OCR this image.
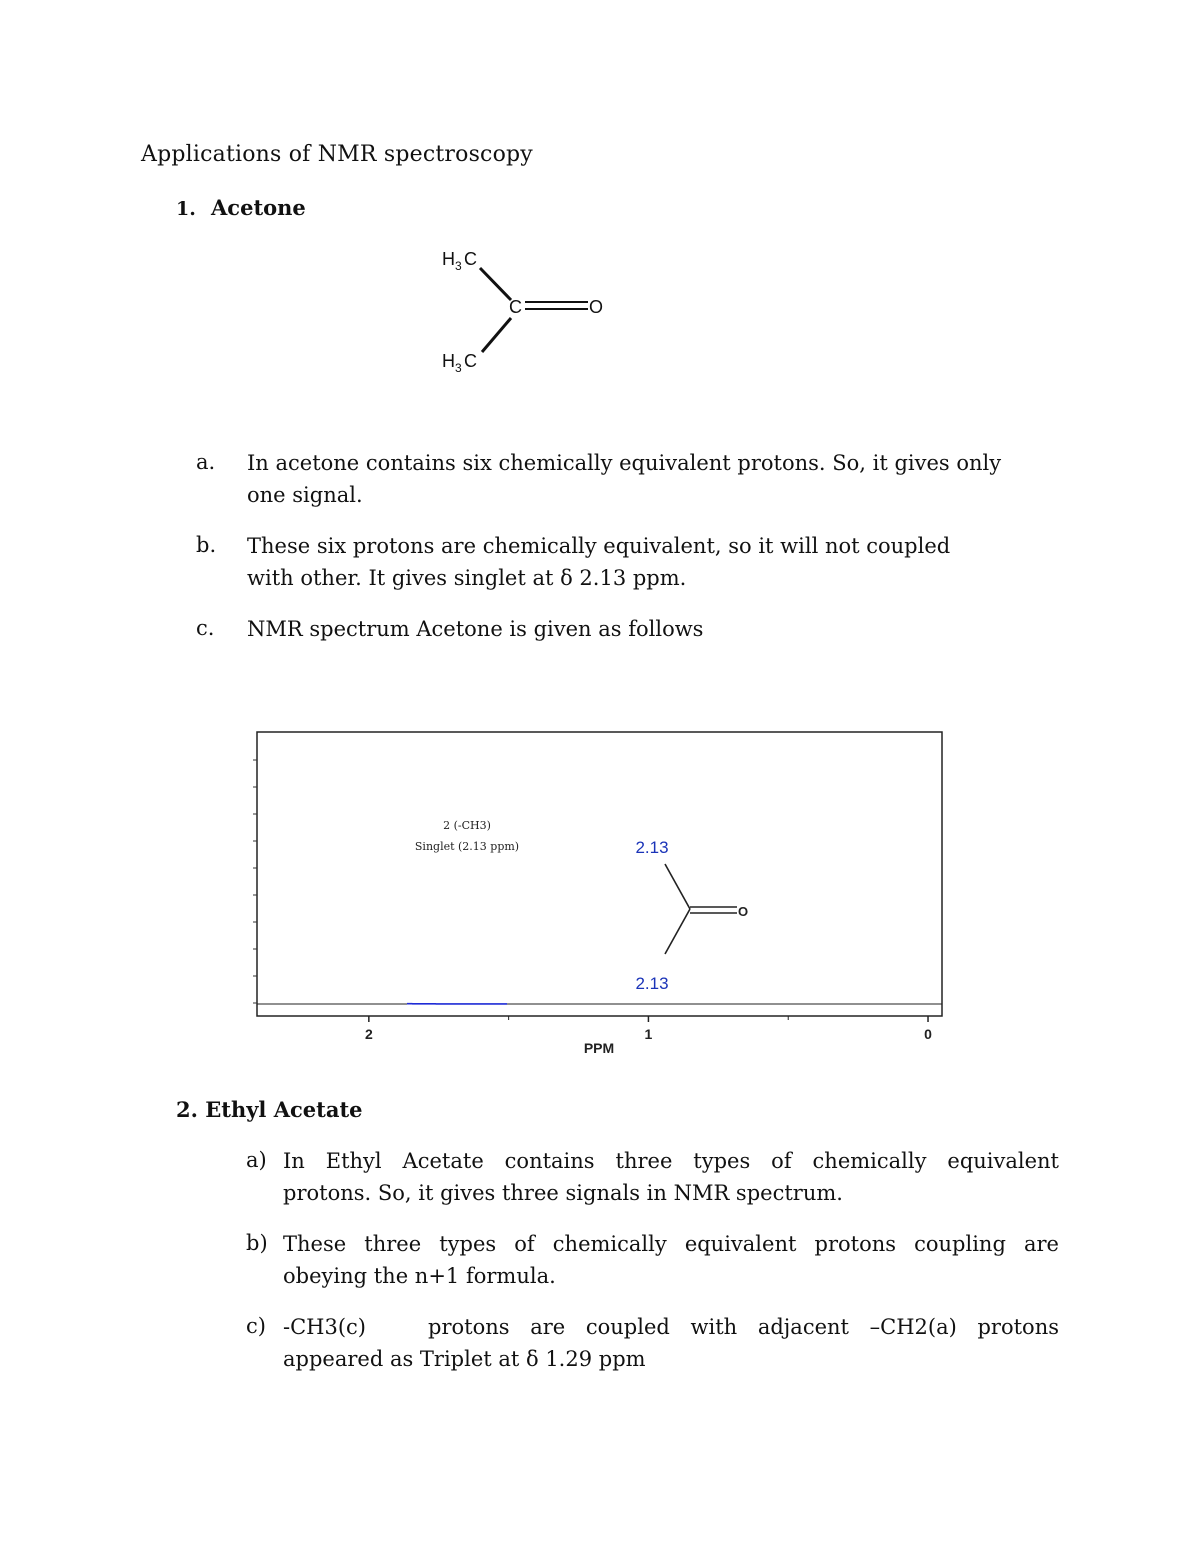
Applications of NMR spectroscopy
1. Acetone
H 3 C
C	O
H 3 C
a. In acetone contains six chemically equivalent protons. So, it gives only
one signal.
b. These six protons are chemically equivalent, so it will not coupled
with other. It gives singlet at δ 2.13 ppm.
c. NMR spectrum Acetone is given as follows
2	1	0
2 (-CH3)
Singlet (2.13 ppm)	2.13
O
2.13
PPM
2. Ethyl Acetate
a) In Ethyl Acetate contains three types of chemically equivalent
protons. So, it gives three signals in NMR spectrum.
b) These three types of chemically equivalent protons coupling are
obeying the n+1 formula.
c) -CH3(c)   protons are coupled with adjacent –CH2(a) protons
appeared as Triplet at δ 1.29 ppm
